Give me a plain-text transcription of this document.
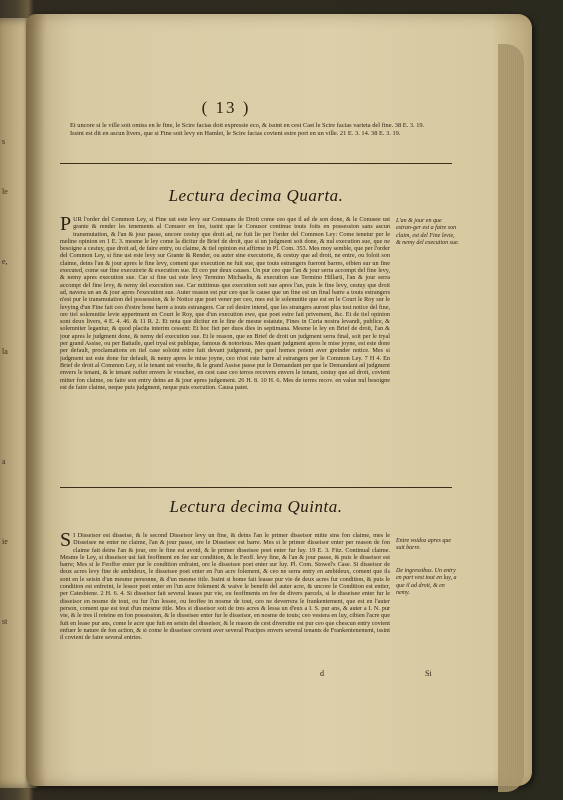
s
le
e,
la
a
ie
st
( 13 )
Et uncore si le ville soit omiss en le fine, le Scire facias doit expressie eco, & issint en cest Cast le Scire facias varieta del fine. 38 E. 3. 19.
Issint est dit en ascun livers, que si Fine soit levy en Hamlet, le Scire facias covient estre port en un ville. 21 E. 3. 14. 38 E. 3. 19.
Lectura decima Quarta.
PUR l'order del Common Ley, si Fine ust este levy sur Conusans de Droit come ceo que il ad de son done, & le Conusee ust grante & render les tenements al Conusor en fee, issint que le Conusor continue touts foits en possession sans ascun transmutation, & l'an & jour passe, uncore cestuy que droit ad, ne fuit lie per l'order del Common Ley: Come tenetur per le meline opinion en 1 E. 3. mesme le ley come la dicitur de Brief de droit, que si un judgment soit done, & nul execution sue, que ne besoigne a cestuy, que droit ad, de faire entry, ou claime, & tiel opinion est affirme in Pl. Com. 353. Mes moy semble, que per l'order del Common Ley, si fine ust este levy sur Grante & Render, ou auter sine executorie, & cestuy que ad droit, ne entre, ou foloit son claime, deins l'an & jour apres le fine levy, coment que execution ne fuit sue, que touts estrangers fueront barres, eibien sur un fine executed, come sur fine executorie & execution sue. Et ceo pur deux causes. Un pur ceo que l'an & jour serra accompt del fine levy, & nemy apres execution sue. Car si fine ust este levy Termino Michaelis, & execution sue Termino Hillarii, l'an & jour serra accompt del fine levy, & nemy del execution sue. Car mittimus que execution soit sue apres l'an, puis le fine levy, cestuy que droit ad, navera un an & jour apres l'execution sue. Auter reason est pur ceo que le cause que un fine est un final barre a touts estrangers n'est pur le transmutation del possession, & le Notice que poet vener per ceo, mes est le solemnitie que est en le Court le Roy sur le levying d'un Fine fait ceo d'estre bone barre a touts estrangers. Car cel desire intend, que les strangers auront plus tost notice del fine, ore tiel solemnitie levie appertment en Court le Roy, que d'un execution ewe, que poet estre fait privement, &c. Et de tiel opinion sont deux livers, 4 E. 4. 46. & 11 R. 2. Et nota que dicitur en le fine de mesne estatute, Fines in Curia nostra levandi, publice, & solemniter legantur, & quod placita interim cessent: Et hoc fiet per duos dies in septimana. Mesme le ley en Brief de droit, l'an & jour apres le judgment done, & nemy del execution sue. Et le reason, que en Brief de droit un judgment serra final, soit per le tryal per grand Assise, ou per Battaile, quel tryal est publique, famous & notorious. Mes quant judgment apres le mise joyne, est este done per default, proclamations en tiel case soloint estre fait devant judgment, per quel homes poient aver greinder notice. Mes si judgment ust este done fur default, & nemy apres le mise joyne, ceo n'est este barre al estrangers per le Common Ley. 7 H 4. En Brief de droit al Common Ley, si le tenant ust vouche, & le grand Assise passe pur le Demandant per que le Demandant ad judgment envers le tenant, & le tenant oufter envers le vouchee, en cest case ceo terres recovers envers le tenant, cestuy que ad droit, covient mitter fon claime, ou faire son entry deins an & jour apres judgement. 26 H. 8. 10 H. 6. Mes de terres recov. en value nul besoigne est de faire claime, neque puis judgment, neque puis execution. Causa patet.
L'an & jour en que estran-ger est a faire son claim, est del Fine levie, & nemy del execution sue.
Lectura decima Quinta.
S I Disseisor est disseise, & le second Disseisor levy un fine, & deins l'an le primer disseisor mitte sins fon claime, mes le Disseisee ne enter ne claime, l'an & jour passe, ore le Disseisee est barre. Mes si le primer disseisor enter per reason de fon claime fait deins l'an & jour, ore le fine est avoid, & le primer disseisee poet enter fur luy. 19 E. 3. Fitz. Continual claime. Mesme le Ley, si disseisor ust fait feoffment en fee sur condition, & le Feoff. levy fine, & l'an & jour passe, & puis le disseisor est barre; Mes si le Feoffor enter pur le condition enfraint, ore le disseisee poet enter sur luy. Pl. Com. Stowel's Case. Si disseisor de deux acres levy fine de ambideux, le disseisee poet enter en l'un acre folement, & ceo ne serra entry en ambideux, coment que ils sont en le seisin d'un mesme personne, & d'un mesme title. Issint si home fait leasse pur vie de deux acres fur condition, & puis le condition est enfreint, le lessor poet enter en l'un acre folement & waive le benefit del auter acre, & uncore le Condition est entier, per Catesbiene. 2 H. 6. 4. Si disseisor fait several leases pur vie, ou feoffments en fee de divers parcels, si le disseisee enter fur le disseisor en nosme de tout, ou fur l'un lessee, ou feoffee in nosme de tout, ceo ne deverrera le frankentement, que est en l'auter person, coment que est tout d'un mesme title. Mes si disseisor soit de tres acres & lessa un d'eux a I. S. pur ans, & auter a I. N. pur vie, & le tres il reteine en fon possession, & le disseisee enter fur le disseisor, en nosme de touts; ceo vestera en luy, cibien l'acre que fuit en lease pur ans, come le acre que fuit en seisin del disseisor, & le reason de cest diversitie est pur ceo que chescun entry covient enfuer le nature de fon action, & si come le disseisee covient aver several Pracipes envers several tenants de Frankentenement, issint il covient de faire several entries.
Entre voidoz apres que suit barre.
De ingressibus. Un entry en part vest tout en luy, a que il ad droit, & en nemy.
d	Si
